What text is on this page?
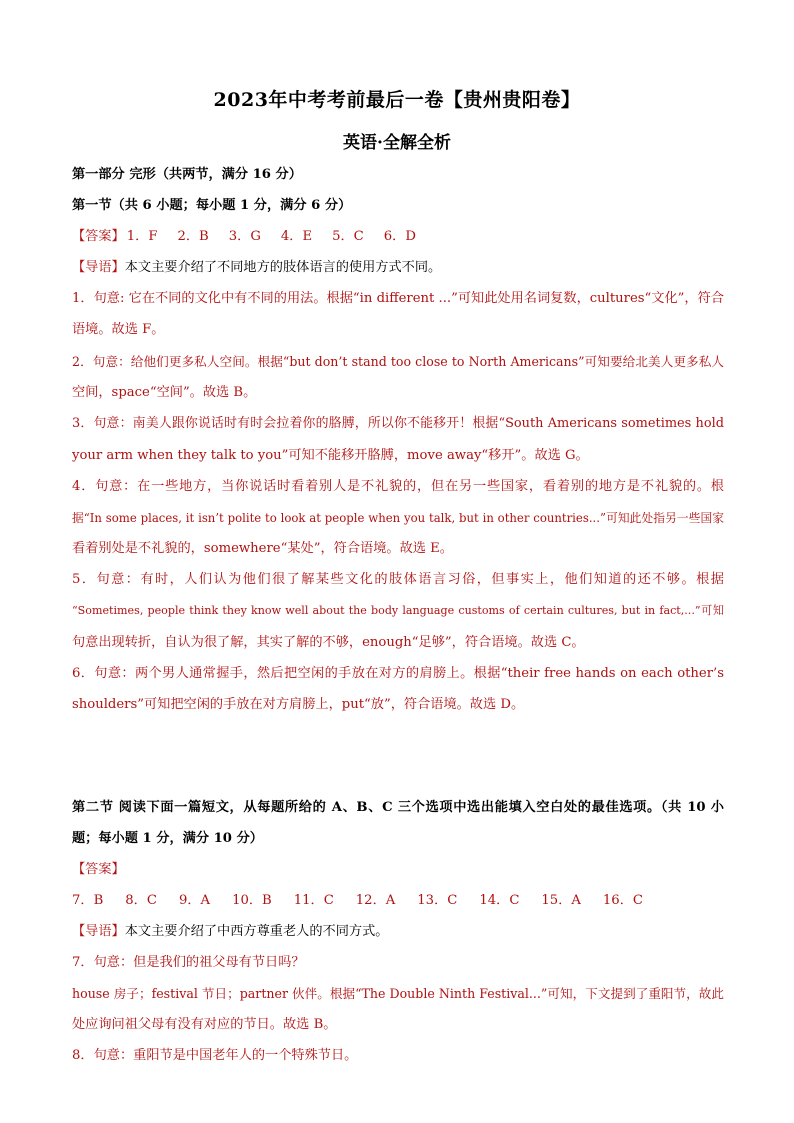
2023年中考考前最后一卷【贵州贵阳卷】
英语·全解全析
第一部分 完形（共两节，满分 16 分）
第一节（共 6 小题；每小题 1 分，满分 6 分）
【答案】 1．F 2．B 3．G 4．E 5．C 6．D
【导语】本文主要介绍了不同地方的肢体语言的使用方式不同。
1．句意: 它在不同的文化中有不同的用法。根据“in different ...”可知此处用名词复数，cultures“文化”，符合
语境。故选 F。
2．句意：给他们更多私人空间。根据“but don’t stand too close to North Americans”可知要给北美人更多私人
空间，space“空间”。故选 B。
3．句意：南美人跟你说话时有时会拉着你的胳膊，所以你不能移开！根据“South Americans sometimes hold
your arm when they talk to you”可知不能移开胳膊，move away“移开”。故选 G。
4．句意：在一些地方，当你说话时看着别人是不礼貌的，但在另一些国家，看着别的地方是不礼貌的。根
据“In some places, it isn’t polite to look at people when you talk, but in other countries...”可知此处指另一些国家
看着别处是不礼貌的，somewhere“某处”，符合语境。故选 E。
5．句意：有时，人们认为他们很了解某些文化的肢体语言习俗，但事实上，他们知道的还不够。根据
“Sometimes, people think they know well about the body language customs of certain cultures, but in fact,...”可知
句意出现转折，自认为很了解，其实了解的不够，enough“足够”，符合语境。故选 C。
6．句意：两个男人通常握手，然后把空闲的手放在对方的肩膀上。根据“their free hands on each other’s
shoulders”可知把空闲的手放在对方肩膀上，put“放”，符合语境。故选 D。
第二节 阅读下面一篇短文，从每题所给的 A、B、C 三个选项中选出能填入空白处的最佳选项。（共 10 小
题；每小题 1 分，满分 10 分）
【答案】
7．B 8．C 9．A 10．B 11．C 12．A 13．C 14．C 15．A 16．C
【导语】本文主要介绍了中西方尊重老人的不同方式。
7．句意：但是我们的祖父母有节日吗？
house 房子；festival 节日；partner 伙伴。根据“The Double Ninth Festival...”可知，下文提到了重阳节，故此
处应询问祖父母有没有对应的节日。故选 B。
8．句意：重阳节是中国老年人的一个特殊节日。
